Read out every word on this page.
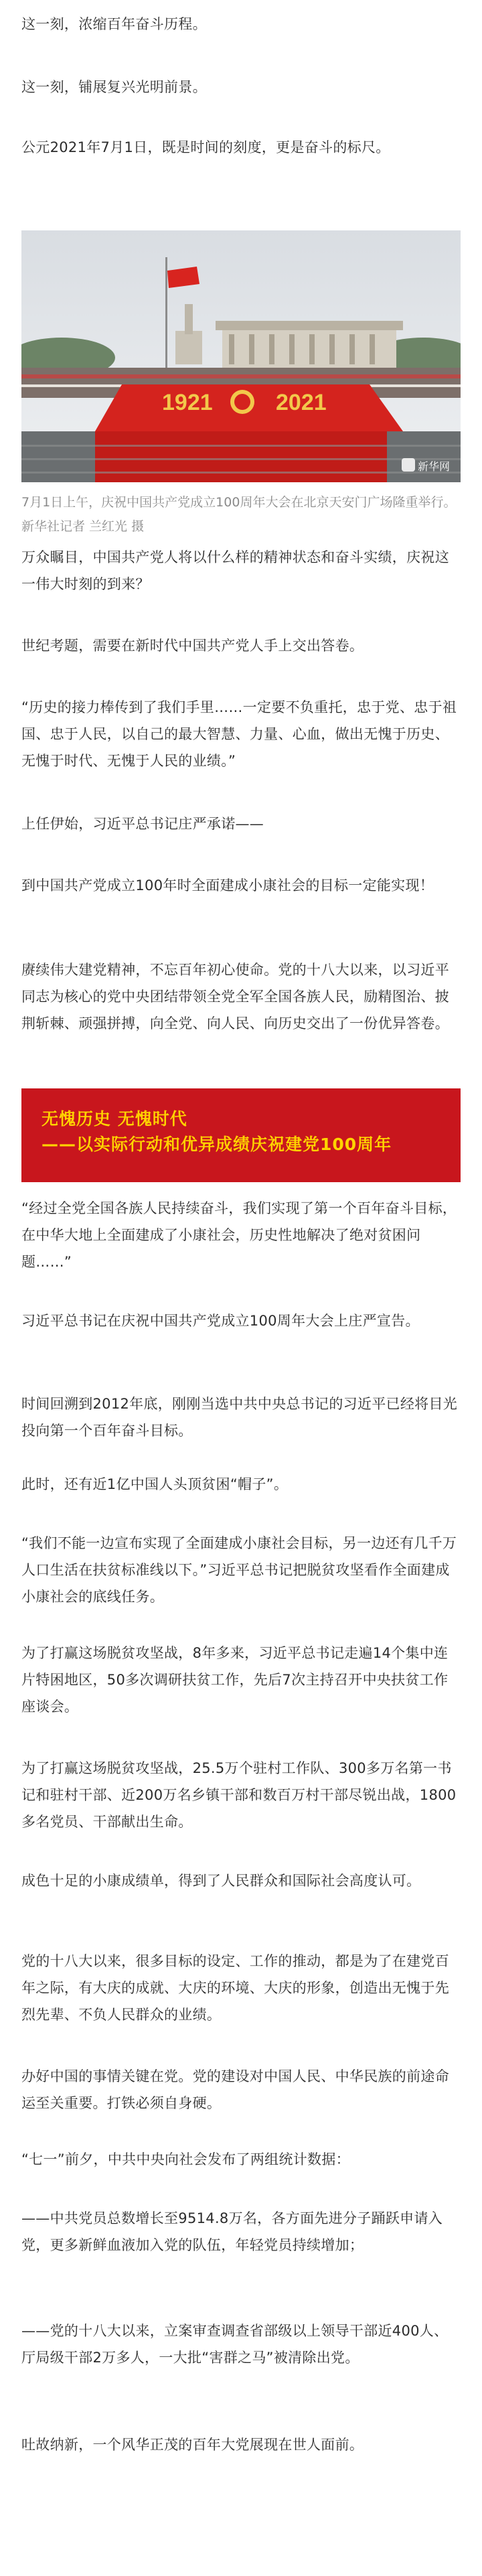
这一刻，浓缩百年奋斗历程。

这一刻，铺展复兴光明前景。

公元2021年7月1日，既是时间的刻度，更是奋斗的标尺。

1921	2021
新华网

7月1日上午，庆祝中国共产党成立100周年大会在北京天安门广场隆重举行。新华社记者 兰红光 摄

万众瞩目，中国共产党人将以什么样的精神状态和奋斗实绩，庆祝这一伟大时刻的到来？

世纪考题，需要在新时代中国共产党人手上交出答卷。

“历史的接力棒传到了我们手里……一定要不负重托，忠于党、忠于祖国、忠于人民，以自己的最大智慧、力量、心血，做出无愧于历史、无愧于时代、无愧于人民的业绩。”

上任伊始，习近平总书记庄严承诺——

到中国共产党成立100年时全面建成小康社会的目标一定能实现！

赓续伟大建党精神，不忘百年初心使命。党的十八大以来，以习近平同志为核心的党中央团结带领全党全军全国各族人民，励精图治、披荆斩棘、顽强拼搏，向全党、向人民、向历史交出了一份优异答卷。

无愧历史 无愧时代
——以实际行动和优异成绩庆祝建党100周年

“经过全党全国各族人民持续奋斗，我们实现了第一个百年奋斗目标，在中华大地上全面建成了小康社会，历史性地解决了绝对贫困问题……”

习近平总书记在庆祝中国共产党成立100周年大会上庄严宣告。

时间回溯到2012年底，刚刚当选中共中央总书记的习近平已经将目光投向第一个百年奋斗目标。

此时，还有近1亿中国人头顶贫困“帽子”。

“我们不能一边宣布实现了全面建成小康社会目标，另一边还有几千万人口生活在扶贫标准线以下。”习近平总书记把脱贫攻坚看作全面建成小康社会的底线任务。

为了打赢这场脱贫攻坚战，8年多来，习近平总书记走遍14个集中连片特困地区，50多次调研扶贫工作，先后7次主持召开中央扶贫工作座谈会。

为了打赢这场脱贫攻坚战，25.5万个驻村工作队、300多万名第一书记和驻村干部、近200万名乡镇干部和数百万村干部尽锐出战，1800多名党员、干部献出生命。

成色十足的小康成绩单，得到了人民群众和国际社会高度认可。

党的十八大以来，很多目标的设定、工作的推动，都是为了在建党百年之际，有大庆的成就、大庆的环境、大庆的形象，创造出无愧于先烈先辈、不负人民群众的业绩。

办好中国的事情关键在党。党的建设对中国人民、中华民族的前途命运至关重要。打铁必须自身硬。

“七一”前夕，中共中央向社会发布了两组统计数据：

——中共党员总数增长至9514.8万名，各方面先进分子踊跃申请入党，更多新鲜血液加入党的队伍，年轻党员持续增加；

——党的十八大以来，立案审查调查省部级以上领导干部近400人、厅局级干部2万多人，一大批“害群之马”被清除出党。

吐故纳新，一个风华正茂的百年大党展现在世人面前。
